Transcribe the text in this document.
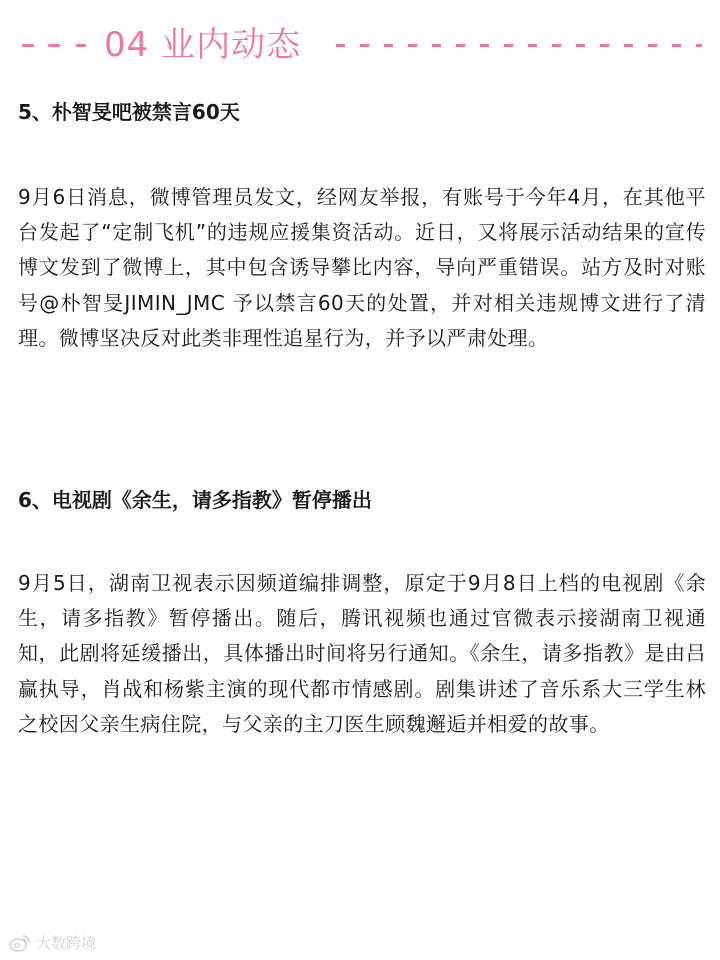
04 业内动态
5、朴智旻吧被禁言60天
9月6日消息，微博管理员发文，经网友举报，有账号于今年4月，在其他平台发起了“定制飞机”的违规应援集资活动。近日，又将展示活动结果的宣传博文发到了微博上，其中包含诱导攀比内容，导向严重错误。站方及时对账号@朴智旻JIMIN_JMC 予以禁言60天的处置，并对相关违规博文进行了清理。微博坚决反对此类非理性追星行为，并予以严肃处理。
6、电视剧《余生，请多指教》暂停播出
9月5日，湖南卫视表示因频道编排调整，原定于9月8日上档的电视剧《余生，请多指教》暂停播出。随后，腾讯视频也通过官微表示接湖南卫视通知，此剧将延缓播出，具体播出时间将另行通知。《余生，请多指教》是由吕赢执导，肖战和杨紫主演的现代都市情感剧。剧集讲述了音乐系大三学生林之校因父亲生病住院，与父亲的主刀医生顾魏邂逅并相爱的故事。
大数跨境
